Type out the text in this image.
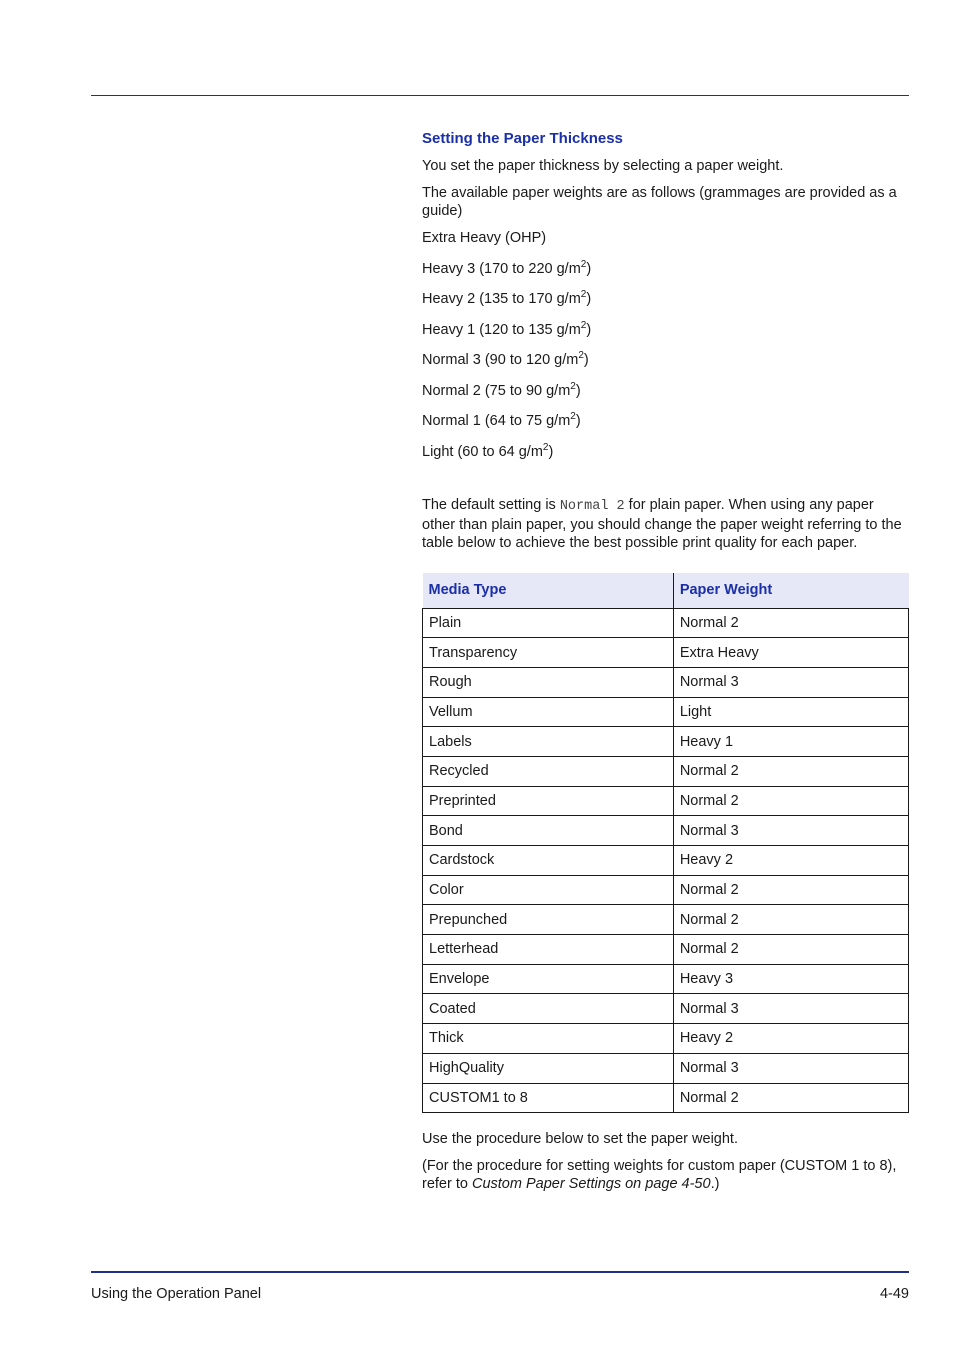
Setting the Paper Thickness

You set the paper thickness by selecting a paper weight.

The available paper weights are as follows (grammages are provided as a guide)

Extra Heavy (OHP)
Heavy 3 (170 to 220 $g/m^2$)
Heavy 2 (135 to 170 $g/m^2$)
Heavy 1 (120 to 135 $g/m^2$)
Normal 3 (90 to 120 $g/m^2$)
Normal 2 (75 to 90 $g/m^2$)
Normal 1 (64 to 75 $g/m^2$)
Light (60 to 64 $g/m^2$)

The default setting is Normal 2 for plain paper. When using any paper other than plain paper, you should change the paper weight referring to the table below to achieve the best possible print quality for each paper.

Media Type	Paper Weight
Plain	Normal 2
Transparency	Extra Heavy
Rough	Normal 3
Vellum	Light
Labels	Heavy 1
Recycled	Normal 2
Preprinted	Normal 2
Bond	Normal 3
Cardstock	Heavy 2
Color	Normal 2
Prepunched	Normal 2
Letterhead	Normal 2
Envelope	Heavy 3
Coated	Normal 3
Thick	Heavy 2
HighQuality	Normal 3
CUSTOM1 to 8	Normal 2

Use the procedure below to set the paper weight.

(For the procedure for setting weights for custom paper (CUSTOM 1 to 8), refer to Custom Paper Settings on page 4-50.)

Using the Operation Panel	4-49
